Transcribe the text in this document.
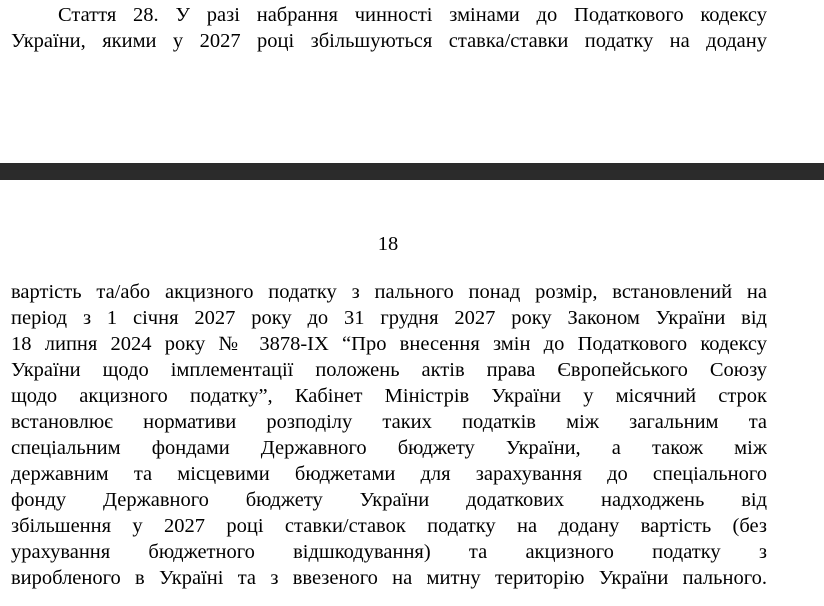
Стаття 28. У разі набрання чинності змінами до Податкового кодексу
України, якими у 2027 році збільшуються ставка/ставки податку на додану
18
вартість та/або акцизного податку з пального понад розмір, встановлений на
період з 1 січня 2027 року до 31 грудня 2027 року Законом України від
18 липня 2024 року № 3878-IX “Про внесення змін до Податкового кодексу
України щодо імплементації положень актів права Європейського Союзу
щодо акцизного податку”, Кабінет Міністрів України у місячний строк
встановлює нормативи розподілу таких податків між загальним та
спеціальним фондами Державного бюджету України, а також між
державним та місцевими бюджетами для зарахування до спеціального
фонду Державного бюджету України додаткових надходжень від
збільшення у 2027 році ставки/ставок податку на додану вартість (без
урахування бюджетного відшкодування) та акцизного податку з
виробленого в Україні та з ввезеного на митну територію України пального.
